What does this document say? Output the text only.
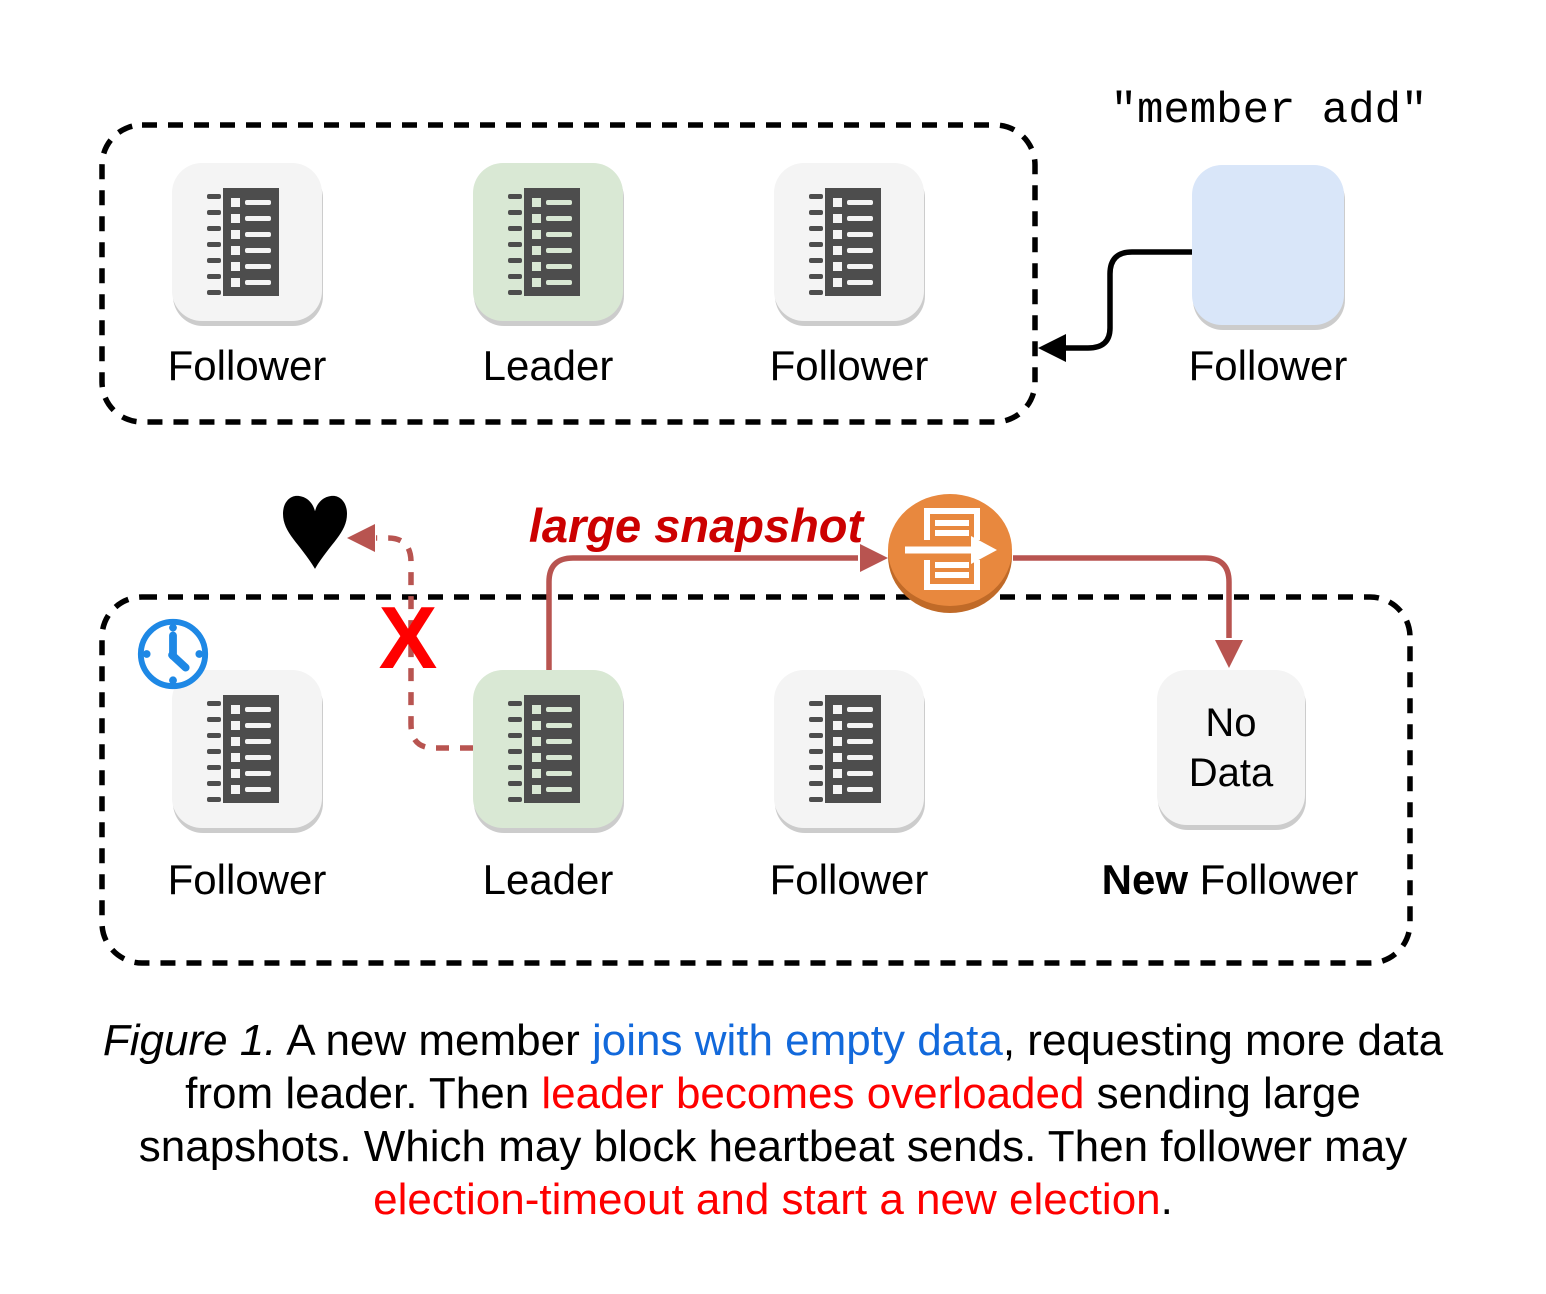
"member add"
Follower	Leader	Follower	Follower
No
Data
Follower	Leader	Follower	New Follower
large snapshot
X
Figure 1. A new member joins with empty data, requesting more data
from leader. Then leader becomes overloaded sending large
snapshots. Which may block heartbeat sends. Then follower may
election-timeout and start a new election.
